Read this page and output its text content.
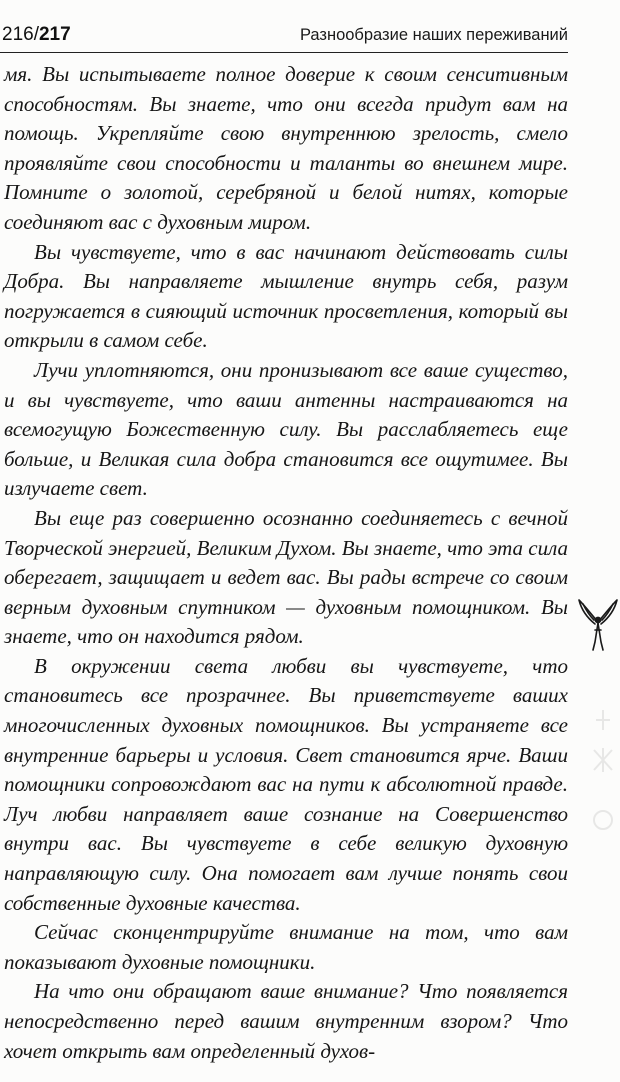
216/217	Разнообразие наших переживаний

мя. Вы испытываете полное доверие к своим сенситивным способностям. Вы знаете, что они всегда придут вам на помощь. Укрепляйте свою внутреннюю зрелость, смело проявляйте свои способности и таланты во внешнем мире. Помните о золотой, серебряной и белой нитях, которые соединяют вас с духовным миром.

Вы чувствуете, что в вас начинают действовать силы Добра. Вы направляете мышление внутрь себя, разум погружается в сияющий источник просветления, который вы открыли в самом себе.

Лучи уплотняются, они пронизывают все ваше существо, и вы чувствуете, что ваши антенны настраиваются на всемогущую Божественную силу. Вы расслабляетесь еще больше, и Великая сила добра становится все ощутимее. Вы излучаете свет.

Вы еще раз совершенно осознанно соединяетесь с вечной Творческой энергией, Великим Духом. Вы знаете, что эта сила оберегает, защищает и ведет вас. Вы рады встрече со своим верным духовным спутником — духовным помощником. Вы знаете, что он находится рядом.

В окружении света любви вы чувствуете, что становитесь все прозрачнее. Вы приветствуете ваших многочисленных духовных помощников. Вы устраняете все внутренние барьеры и условия. Свет становится ярче. Ваши помощники сопровождают вас на пути к абсолютной правде. Луч любви направляет ваше сознание на Совершенство внутри вас. Вы чувствуете в себе великую духовную направляющую силу. Она помогает вам лучше понять свои собственные духовные качества.

Сейчас сконцентрируйте внимание на том, что вам показывают духовные помощники.

На что они обращают ваше внимание? Что появляется непосредственно перед вашим внутренним взором? Что хочет открыть вам определенный духов-
